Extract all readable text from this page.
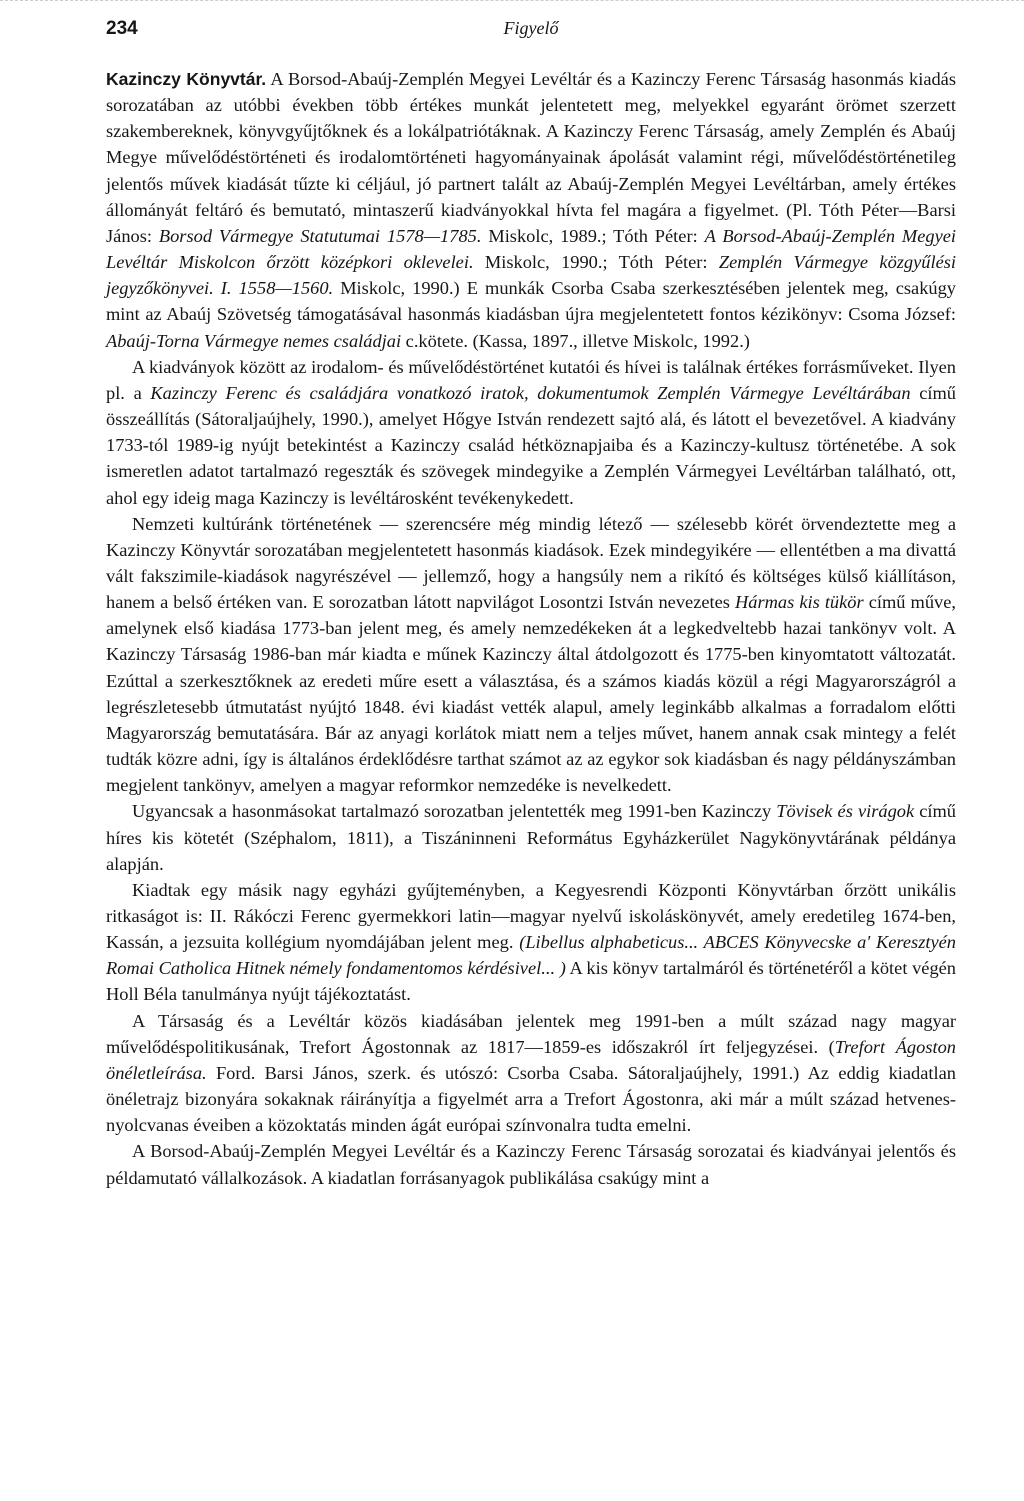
234	Figyelő

Kazinczy Könyvtár. A Borsod-Abaúj-Zemplén Megyei Levéltár és a Kazinczy Ferenc Társaság hasonmás kiadás sorozatában az utóbbi években több értékes munkát jelentetett meg, melyekkel egyaránt örömet szerzett szakembereknek, könyvgyűjtőknek és a lokálpatriótáknak. A Kazinczy Ferenc Társaság, amely Zemplén és Abaúj Megye művelődéstörténeti és irodalomtörténeti hagyományainak ápolását valamint régi, művelődéstörténetileg jelentős művek kiadását tűzte ki céljául, jó partnert talált az Abaúj-Zemplén Megyei Levéltárban, amely értékes állományát feltáró és bemutató, mintaszerű kiadványokkal hívta fel magára a figyelmet. (Pl. Tóth Péter—Barsi János: Borsod Vármegye Statutumai 1578—1785. Miskolc, 1989.; Tóth Péter: A Borsod-Abaúj-Zemplén Megyei Levéltár Miskolcon őrzött középkori oklevelei. Miskolc, 1990.; Tóth Péter: Zemplén Vármegye közgyűlési jegyzőkönyvei. I. 1558—1560. Miskolc, 1990.) E munkák Csorba Csaba szerkesztésében jelentek meg, csakúgy mint az Abaúj Szövetség támogatásával hasonmás kiadásban újra megjelentetett fontos kézikönyv: Csoma József: Abaúj-Torna Vármegye nemes családjai c.kötete. (Kassa, 1897., illetve Miskolc, 1992.)

A kiadványok között az irodalom- és művelődéstörténet kutatói és hívei is találnak értékes forrásműveket. Ilyen pl. a Kazinczy Ferenc és családjára vonatkozó iratok, dokumentumok Zemplén Vármegye Levéltárában című összeállítás (Sátoraljaújhely, 1990.), amelyet Hőgye István rendezett sajtó alá, és látott el bevezetővel. A kiadvány 1733-tól 1989-ig nyújt betekintést a Kazinczy család hétköznapjaiba és a Kazinczy-kultusz történetébe. A sok ismeretlen adatot tartalmazó regeszták és szövegek mindegyike a Zemplén Vármegyei Levéltárban található, ott, ahol egy ideig maga Kazinczy is levéltárosként tevékenykedett.

Nemzeti kultúránk történetének — szerencsére még mindig létező — szélesebb körét örvendeztette meg a Kazinczy Könyvtár sorozatában megjelentetett hasonmás kiadások. Ezek mindegyikére — ellentétben a ma divattá vált fakszimile-kiadások nagyrészével — jellemző, hogy a hangsúly nem a rikító és költséges külső kiállításon, hanem a belső értéken van. E sorozatban látott napvilágot Losontzi István nevezetes Hármas kis tükör című műve, amelynek első kiadása 1773-ban jelent meg, és amely nemzedékeken át a legkedveltebb hazai tankönyv volt. A Kazinczy Társaság 1986-ban már kiadta e műnek Kazinczy által átdolgozott és 1775-ben kinyomtatott változatát. Ezúttal a szerkesztőknek az eredeti műre esett a választása, és a számos kiadás közül a régi Magyarországról a legrészletesebb útmutatást nyújtó 1848. évi kiadást vették alapul, amely leginkább alkalmas a forradalom előtti Magyarország bemutatására. Bár az anyagi korlátok miatt nem a teljes művet, hanem annak csak mintegy a felét tudták közre adni, így is általános érdeklődésre tarthat számot az az egykor sok kiadásban és nagy példányszámban megjelent tankönyv, amelyen a magyar reformkor nemzedéke is nevelkedett.

Ugyancsak a hasonmásokat tartalmazó sorozatban jelentették meg 1991-ben Kazinczy Tövisek és virágok című híres kis kötetét (Széphalom, 1811), a Tiszáninneni Református Egyházkerület Nagykönyvtárának példánya alapján.

Kiadtak egy másik nagy egyházi gyűjteményben, a Kegyesrendi Központi Könyvtárban őrzött unikális ritkaságot is: II. Rákóczi Ferenc gyermekkori latin—magyar nyelvű iskoláskönyvét, amely eredetileg 1674-ben, Kassán, a jezsuita kollégium nyomdájában jelent meg. (Libellus alphabeticus... ABCES Könyvecske a' Keresztyén Romai Catholica Hitnek némely fondamentomos kérdésivel... ) A kis könyv tartalmáról és történetéről a kötet végén Holl Béla tanulmánya nyújt tájékoztatást.

A Társaság és a Levéltár közös kiadásában jelentek meg 1991-ben a múlt század nagy magyar művelődéspolitikusának, Trefort Ágostonnak az 1817—1859-es időszakról írt feljegyzései. (Trefort Ágoston önéletleírása. Ford. Barsi János, szerk. és utószó: Csorba Csaba. Sátoraljaújhely, 1991.) Az eddig kiadatlan önéletrajz bizonyára sokaknak ráirányítja a figyelmét arra a Trefort Ágostonra, aki már a múlt század hetvenes-nyolcvanas éveiben a közoktatás minden ágát európai színvonalra tudta emelni.

A Borsod-Abaúj-Zemplén Megyei Levéltár és a Kazinczy Ferenc Társaság sorozatai és kiadványai jelentős és példamutató vállalkozások. A kiadatlan forrásanyagok publikálása csakúgy mint a
